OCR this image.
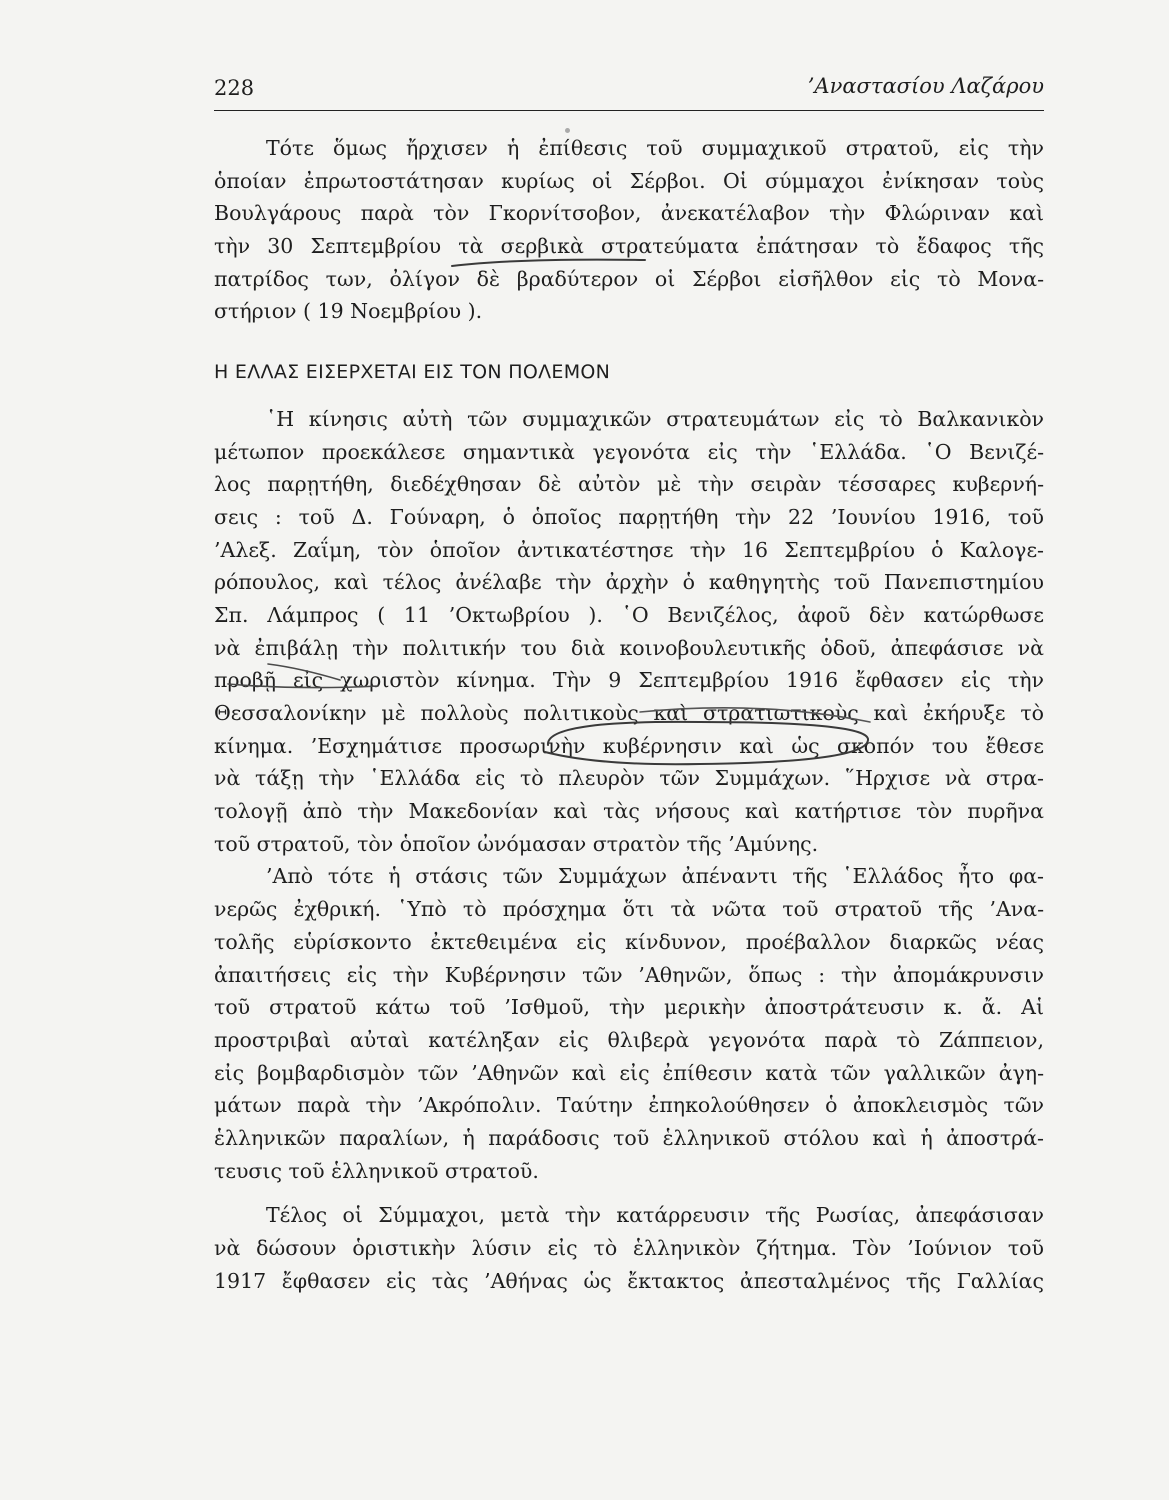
228	’Αναστασίου Λαζάρου
Τότε ὅμως ἤρχισεν ἡ ἐπίθεσις τοῦ συμμαχικοῦ στρατοῦ, εἰς τὴν
ὁποίαν ἐπρωτοστάτησαν κυρίως οἱ Σέρβοι. Οἱ σύμμαχοι ἐνίκησαν τοὺς
Βουλγάρους παρὰ τὸν Γκορνίτσοβον, ἀνεκατέλαβον τὴν Φλώριναν καὶ
τὴν 30 Σεπτεμβρίου τὰ σερβικὰ στρατεύματα ἐπάτησαν τὸ ἔδαφος τῆς
πατρίδος των, ὀλίγον δὲ βραδύτερον οἱ Σέρβοι εἰσῆλθον εἰς τὸ Μονα-
στήριον ( 19 Νοεμβρίου ).
Η ΕΛΛΑΣ ΕΙΣΕΡΧΕΤΑΙ ΕΙΣ ΤΟΝ ΠΟΛΕΜΟΝ
῾Η κίνησις αὐτὴ τῶν συμμαχικῶν στρατευμάτων εἰς τὸ Βαλκανικὸν
μέτωπον προεκάλεσε σημαντικὰ γεγονότα εἰς τὴν ῾Ελλάδα. ῾Ο Βενιζέ-
λος παρῃτήθη, διεδέχθησαν δὲ αὐτὸν μὲ τὴν σειρὰν τέσσαρες κυβερνή-
σεις : τοῦ Δ. Γούναρη, ὁ ὁποῖος παρῃτήθη τὴν 22 ’Ιουνίου 1916, τοῦ
’Αλεξ. Ζαΐμη, τὸν ὁποῖον ἀντικατέστησε τὴν 16 Σεπτεμβρίου ὁ Καλογε-
ρόπουλος, καὶ τέλος ἀνέλαβε τὴν ἀρχὴν ὁ καθηγητὴς τοῦ Πανεπιστημίου
Σπ. Λάμπρος ( 11 ’Οκτωβρίου ). ῾Ο Βενιζέλος, ἀφοῦ δὲν κατώρθωσε
νὰ ἐπιβάλῃ τὴν πολιτικήν του διὰ κοινοβουλευτικῆς ὁδοῦ, ἀπεφάσισε νὰ
προβῇ εἰς χωριστὸν κίνημα. Τὴν 9 Σεπτεμβρίου 1916 ἔφθασεν εἰς τὴν
Θεσσαλονίκην μὲ πολλοὺς πολιτικοὺς καὶ στρατιωτικοὺς καὶ ἐκήρυξε τὸ
κίνημα. ’Εσχημάτισε προσωρινὴν κυβέρνησιν καὶ ὡς σκοπόν του ἔθεσε
νὰ τάξῃ τὴν ῾Ελλάδα εἰς τὸ πλευρὸν τῶν Συμμάχων. ῞Ηρχισε νὰ στρα-
τολογῇ ἀπὸ τὴν Μακεδονίαν καὶ τὰς νήσους καὶ κατήρτισε τὸν πυρῆνα
τοῦ στρατοῦ, τὸν ὁποῖον ὠνόμασαν στρατὸν τῆς ’Αμύνης.
’Απὸ τότε ἡ στάσις τῶν Συμμάχων ἀπέναντι τῆς ῾Ελλάδος ἦτο φα-
νερῶς ἐχθρική. ῾Υπὸ τὸ πρόσχημα ὅτι τὰ νῶτα τοῦ στρατοῦ τῆς ’Ανα-
τολῆς εὑρίσκοντο ἐκτεθειμένα εἰς κίνδυνον, προέβαλλον διαρκῶς νέας
ἀπαιτήσεις εἰς τὴν Κυβέρνησιν τῶν ’Αθηνῶν, ὅπως : τὴν ἀπομάκρυνσιν
τοῦ στρατοῦ κάτω τοῦ ’Ισθμοῦ, τὴν μερικὴν ἀποστράτευσιν κ. ἄ. Αἱ
προστριβαὶ αὐταὶ κατέληξαν εἰς θλιβερὰ γεγονότα παρὰ τὸ Ζάππειον,
εἰς βομβαρδισμὸν τῶν ’Αθηνῶν καὶ εἰς ἐπίθεσιν κατὰ τῶν γαλλικῶν ἀγη-
μάτων παρὰ τὴν ’Ακρόπολιν. Ταύτην ἐπηκολούθησεν ὁ ἀποκλεισμὸς τῶν
ἑλληνικῶν παραλίων, ἡ παράδοσις τοῦ ἑλληνικοῦ στόλου καὶ ἡ ἀποστρά-
τευσις τοῦ ἑλληνικοῦ στρατοῦ.
Τέλος οἱ Σύμμαχοι, μετὰ τὴν κατάρρευσιν τῆς Ρωσίας, ἀπεφάσισαν
νὰ δώσουν ὁριστικὴν λύσιν εἰς τὸ ἑλληνικὸν ζήτημα. Τὸν ’Ιούνιον τοῦ
1917 ἔφθασεν εἰς τὰς ’Αθήνας ὡς ἔκτακτος ἀπεσταλμένος τῆς Γαλλίας
